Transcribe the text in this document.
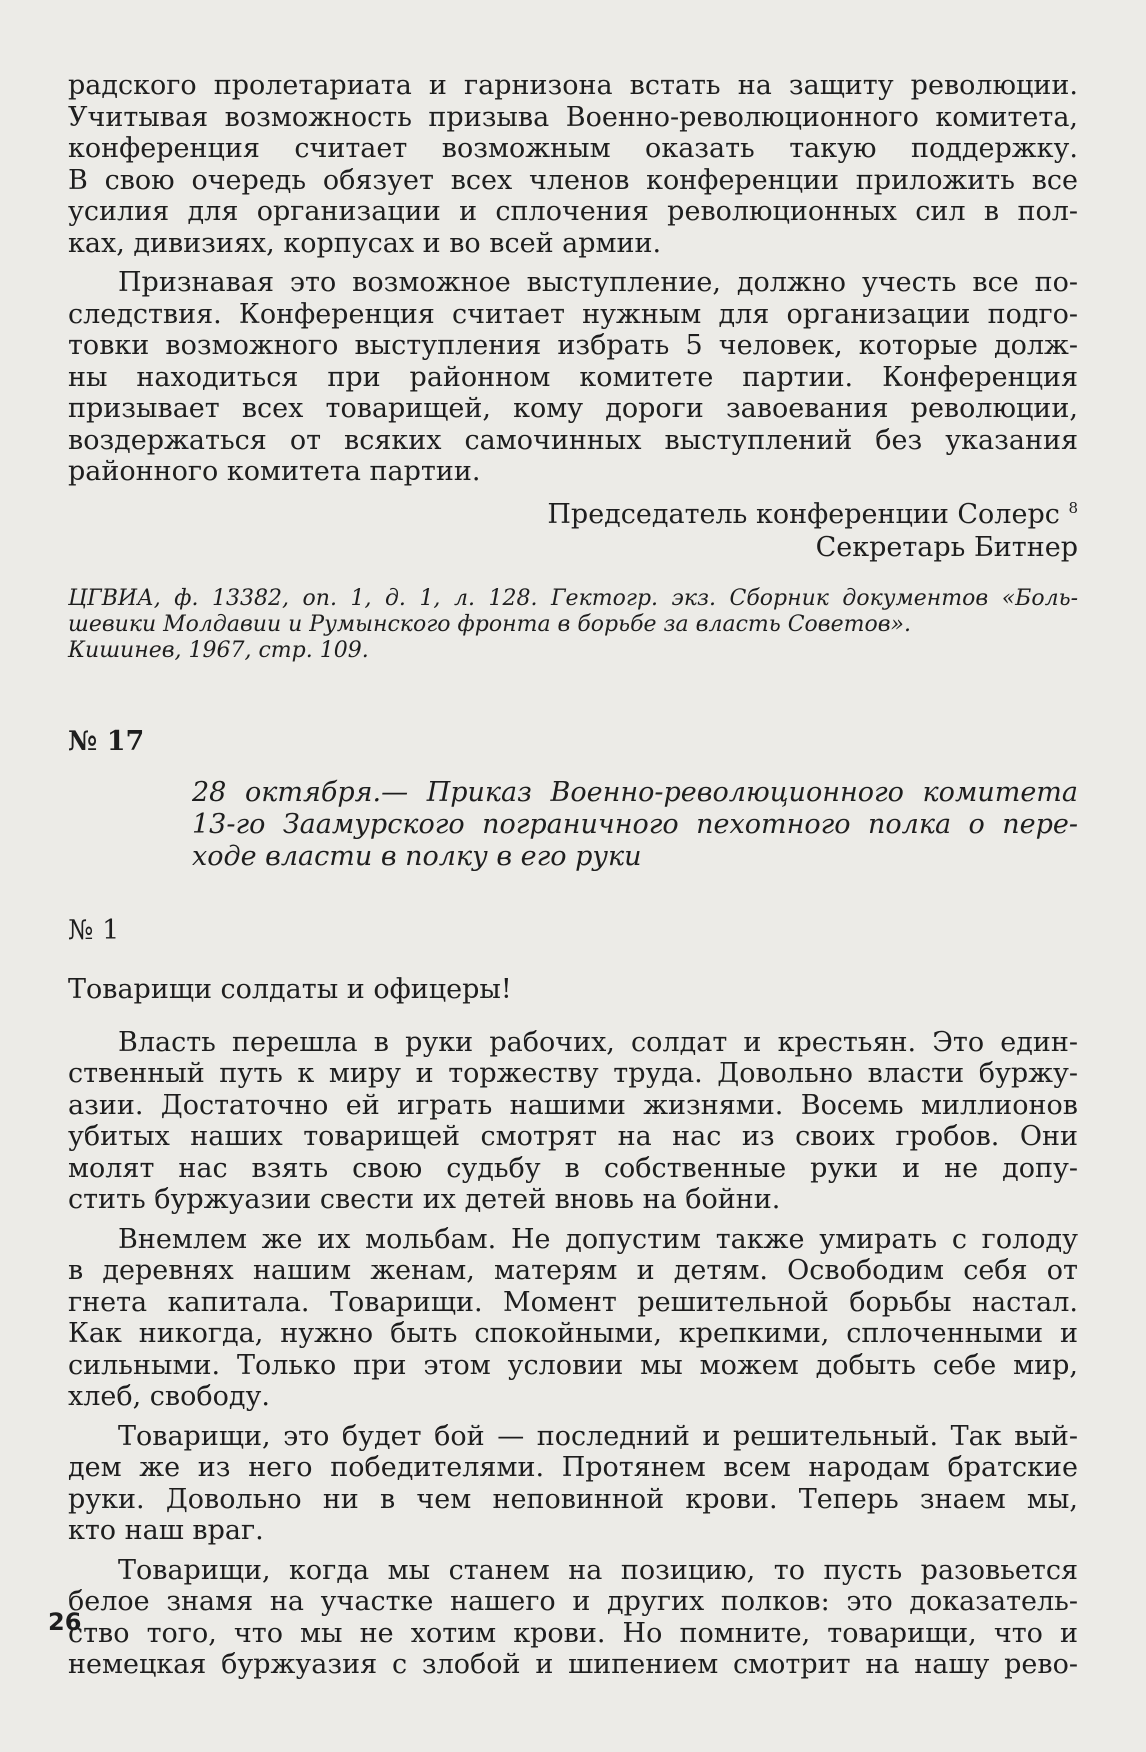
радского пролетариата и гарнизона встать на защиту революции.
Учитывая возможность призыва Военно-революционного комитета,
конференция считает возможным оказать такую поддержку.
В свою очередь обязует всех членов конференции приложить все
усилия для организации и сплочения революционных сил в пол-
ках, дивизиях, корпусах и во всей армии.
Признавая это возможное выступление, должно учесть все по-
следствия. Конференция считает нужным для организации подго-
товки возможного выступления избрать 5 человек, которые долж-
ны находиться при районном комитете партии. Конференция
призывает всех товарищей, кому дороги завоевания революции,
воздержаться от всяких самочинных выступлений без указания
районного комитета партии.
Председатель конференции Солерс $^8$
Секретарь Битнер
ЦГВИА, ф. 13382, оп. 1, д. 1, л. 128. Гектогр. экз. Сборник документов «Боль-
шевики Молдавии и Румынского фронта в борьбе за власть Советов».
Кишинев, 1967, стр. 109.
№ 17
28 октября.— Приказ Военно-революционного комитета
13-го Заамурского пограничного пехотного полка о пере-
ходе власти в полку в его руки
№ 1
Товарищи солдаты и офицеры!
Власть перешла в руки рабочих, солдат и крестьян. Это един-
ственный путь к миру и торжеству труда. Довольно власти буржу-
азии. Достаточно ей играть нашими жизнями. Восемь миллионов
убитых наших товарищей смотрят на нас из своих гробов. Они
молят нас взять свою судьбу в собственные руки и не допу-
стить буржуазии свести их детей вновь на бойни.
Внемлем же их мольбам. Не допустим также умирать с голоду
в деревнях нашим женам, матерям и детям. Освободим себя от
гнета капитала. Товарищи. Момент решительной борьбы настал.
Как никогда, нужно быть спокойными, крепкими, сплоченными и
сильными. Только при этом условии мы можем добыть себе мир,
хлеб, свободу.
Товарищи, это будет бой — последний и решительный. Так вый-
дем же из него победителями. Протянем всем народам братские
руки. Довольно ни в чем неповинной крови. Теперь знаем мы,
кто наш враг.
Товарищи, когда мы станем на позицию, то пусть разовьется
белое знамя на участке нашего и других полков: это доказатель-
ство того, что мы не хотим крови. Но помните, товарищи, что и
немецкая буржуазия с злобой и шипением смотрит на нашу рево-
26
